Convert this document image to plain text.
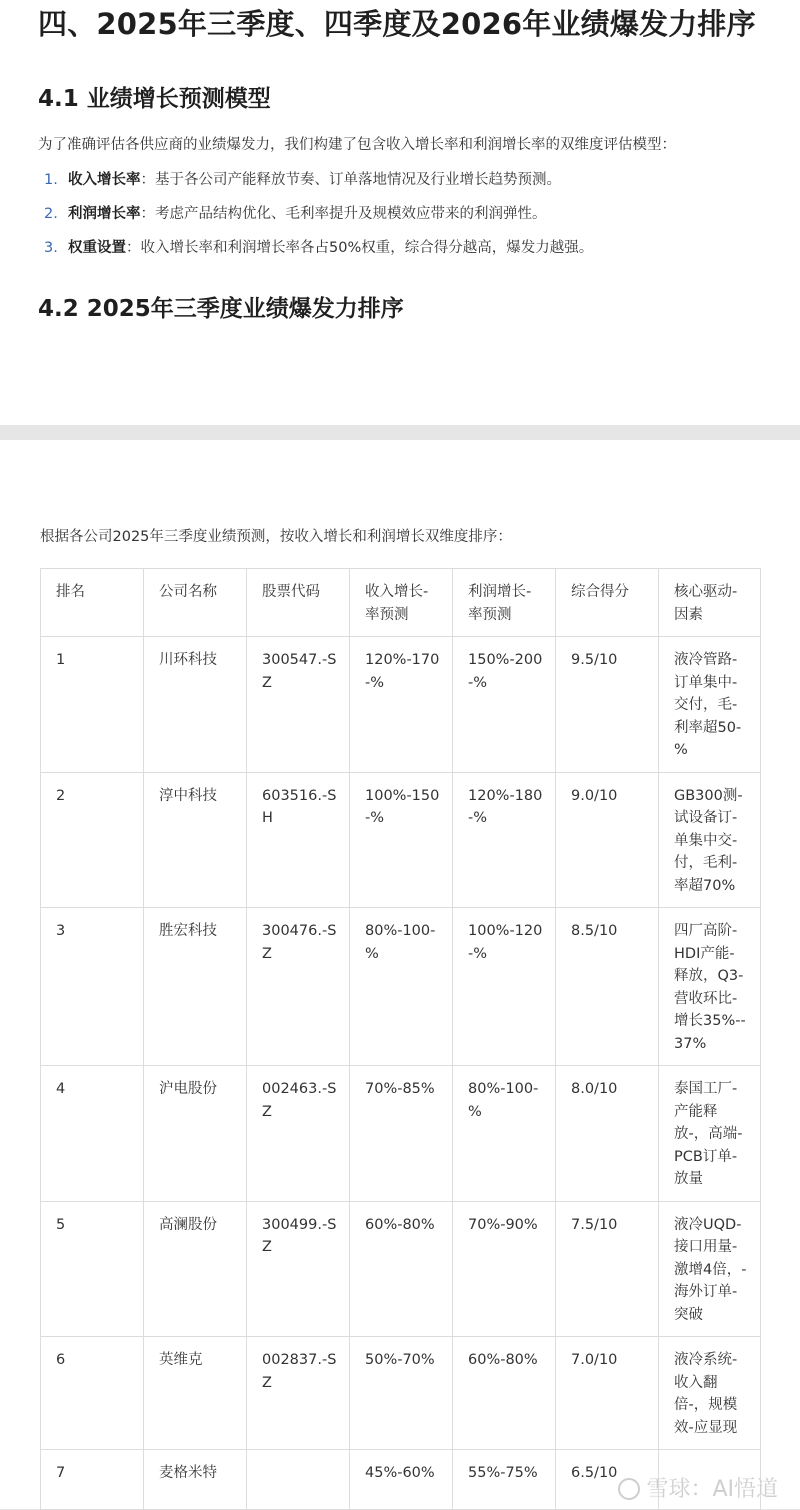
四、2025年三季度、四季度及2026年业绩爆发力排序
4.1 业绩增长预测模型
为了准确评估各供应商的业绩爆发力，我们构建了包含收入增长率和利润增长率的双维度评估模型：
1. 收入增长率：基于各公司产能释放节奏、订单落地情况及行业增长趋势预测。
2. 利润增长率：考虑产品结构优化、毛利率提升及规模效应带来的利润弹性。
3. 权重设置：收入增长率和利润增长率各占50%权重，综合得分越高，爆发力越强。
4.2 2025年三季度业绩爆发力排序
根据各公司2025年三季度业绩预测，按收入增长和利润增长双维度排序：
排名	公司名称	股票代码	收入增长-率预测	利润增长-率预测	综合得分	核心驱动-因素
1	川环科技	300547.-SZ	120%-170-%	150%-200-%	9.5/10	液冷管路-订单集中-交付，毛-利率超50-%
2	淳中科技	603516.-SH	100%-150-%	120%-180-%	9.0/10	GB300测-试设备订-单集中交-付，毛利-率超70%
3	胜宏科技	300476.-SZ	80%-100-%	100%-120-%	8.5/10	四厂高阶-HDI产能-释放，Q3-营收环比-增长35%--37%
4	沪电股份	002463.-SZ	70%-85%	80%-100-%	8.0/10	泰国工厂-产能释放-，高端-PCB订单-放量
5	高澜股份	300499.-SZ	60%-80%	70%-90%	7.5/10	液冷UQD-接口用量-激增4倍，-海外订单-突破
6	英维克	002837.-SZ	50%-70%	60%-80%	7.0/10	液冷系统-收入翻倍-，规模效-应显现
7	麦格米特		45%-60%	55%-75%	6.5/10	
雪球：AI悟道
